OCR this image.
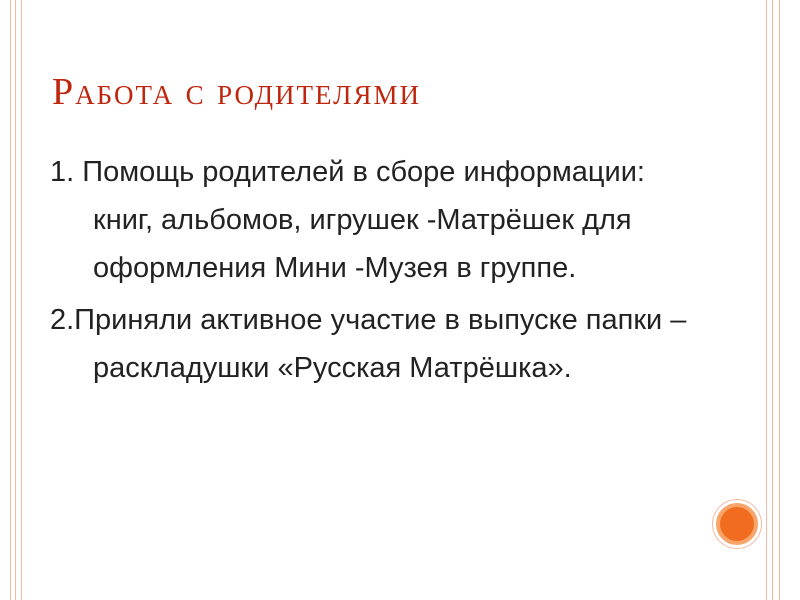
Работа с родителями
1. Помощь родителей в сборе информации: книг, альбомов, игрушек -Матрёшек для оформления Мини -Музея в группе.
2.Приняли активное участие в выпуске папки – раскладушки «Русская Матрёшка».
